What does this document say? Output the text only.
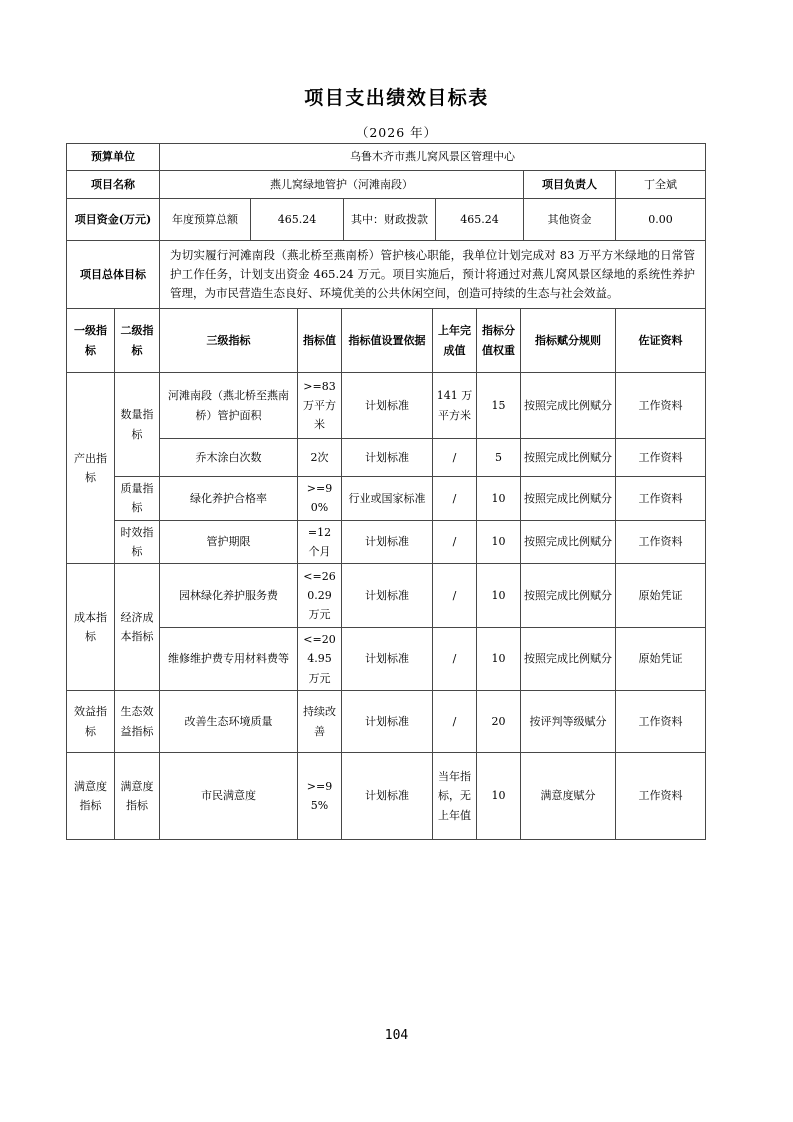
项目支出绩效目标表
（2026 年）
预算单位	乌鲁木齐市燕儿窝风景区管理中心					
项目名称	燕儿窝绿地管护（河滩南段）				项目负责人	丁全斌
项目资金(万元)	年度预算总额	465.24	其中：财政拨款	465.24	其他资金	0.00
项目总体目标	为切实履行河滩南段（燕北桥至燕南桥）管护核心职能，我单位计划完成对 83 万平方米绿地的日常管护工作任务，计划支出资金 465.24 万元。项目实施后，预计将通过对燕儿窝风景区绿地的系统性养护管理，为市民营造生态良好、环境优美的公共休闲空间，创造可持续的生态与社会效益。
一级指标	二级指标	三级指标	指标值	指标值设置依据	上年完成值	指标分值权重	指标赋分规则	佐证资料
产出指标	数量指标	河滩南段（燕北桥至燕南桥）管护面积	>=83万平方米	计划标准	141 万平方米	15	按照完成比例赋分	工作资料
		乔木涂白次数	2次	计划标准	/	5	按照完成比例赋分	工作资料
	质量指标	绿化养护合格率	>=90%	行业或国家标准	/	10	按照完成比例赋分	工作资料
	时效指标	管护期限	=12 个月	计划标准	/	10	按照完成比例赋分	工作资料
成本指标	经济成本指标	园林绿化养护服务费	<=260.29 万元	计划标准	/	10	按照完成比例赋分	原始凭证
		维修维护费专用材料费等	<=204.95 万元	计划标准	/	10	按照完成比例赋分	原始凭证
效益指标	生态效益指标	改善生态环境质量	持续改善	计划标准	/	20	按评判等级赋分	工作资料
满意度指标	满意度指标	市民满意度	>=95%	计划标准	当年指标，无上年值	10	满意度赋分	工作资料
104
